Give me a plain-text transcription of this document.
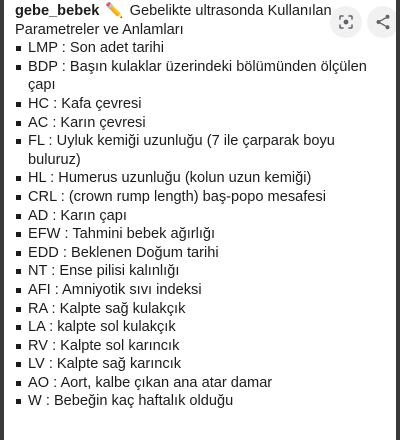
gebe_bebek ✏️ Gebelikte ultrasonda Kullanılan Parametreler ve Anlamları
LMP : Son adet tarihi
BDP : Başın kulaklar üzerindeki bölümünden ölçülen çapı
HC : Kafa çevresi
AC : Karın çevresi
FL : Uyluk kemiği uzunluğu (7 ile çarparak boyu buluruz)
HL : Humerus uzunluğu (kolun uzun kemiği)
CRL : (crown rump length) baş-popo mesafesi
AD : Karın çapı
EFW : Tahmini bebek ağırlığı
EDD : Beklenen Doğum tarihi
NT : Ense pilisi kalınlığı
AFI : Amniyotik sıvı indeksi
RA : Kalpte sağ kulakçık
LA : kalpte sol kulakçık
RV : Kalpte sol karıncık
LV : Kalpte sağ karıncık
AO : Aort, kalbe çıkan ana atar damar
W : Bebeğin kaç haftalık olduğu
